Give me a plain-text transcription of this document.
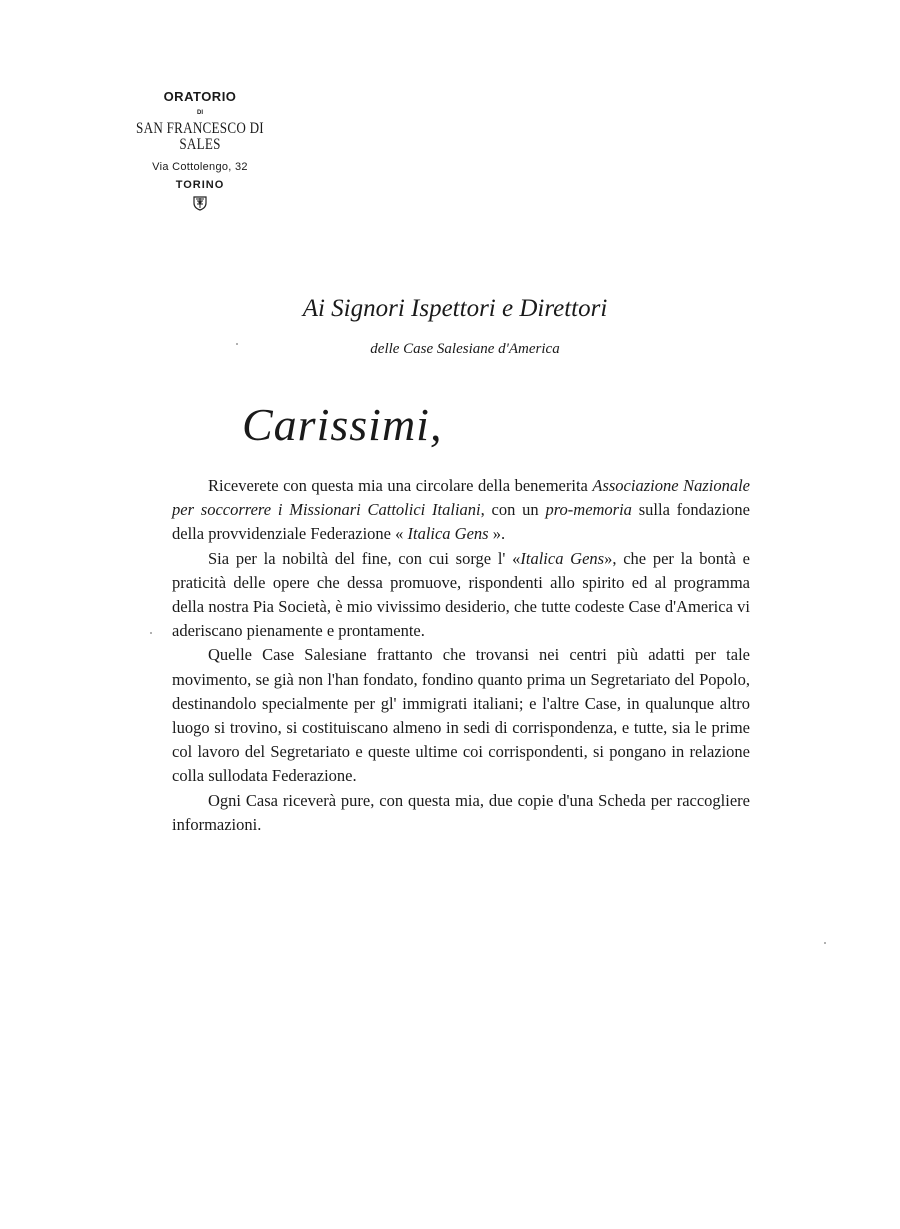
ORATORIO
DI
SAN FRANCESCO DI SALES
Via Cottolengo, 32
TORINO
Ai Signori Ispettori e Direttori
delle Case Salesiane d'America
Carissimi,

Riceverete con questa mia una circolare della benemerita Associazione Nazionale per soccorrere i Missionari Cattolici Italiani, con un pro-memoria sulla fondazione della provvidenziale Federazione « Italica Gens ».

Sia per la nobiltà del fine, con cui sorge l' «Italica Gens», che per la bontà e praticità delle opere che dessa promuove, rispondenti allo spirito ed al programma della nostra Pia Società, è mio vivissimo desiderio, che tutte codeste Case d'America vi aderiscano pienamente e prontamente.

Quelle Case Salesiane frattanto che trovansi nei centri più adatti per tale movimento, se già non l'han fondato, fondino quanto prima un Segretariato del Popolo, destinandolo specialmente per gl' immigrati italiani; e l'altre Case, in qualunque altro luogo si trovino, si costituiscano almeno in sedi di corrispondenza, e tutte, sia le prime col lavoro del Segretariato e queste ultime coi corrispondenti, si pongano in relazione colla sullodata Federazione.

Ogni Casa riceverà pure, con questa mia, due copie d'una Scheda per raccogliere informazioni.
